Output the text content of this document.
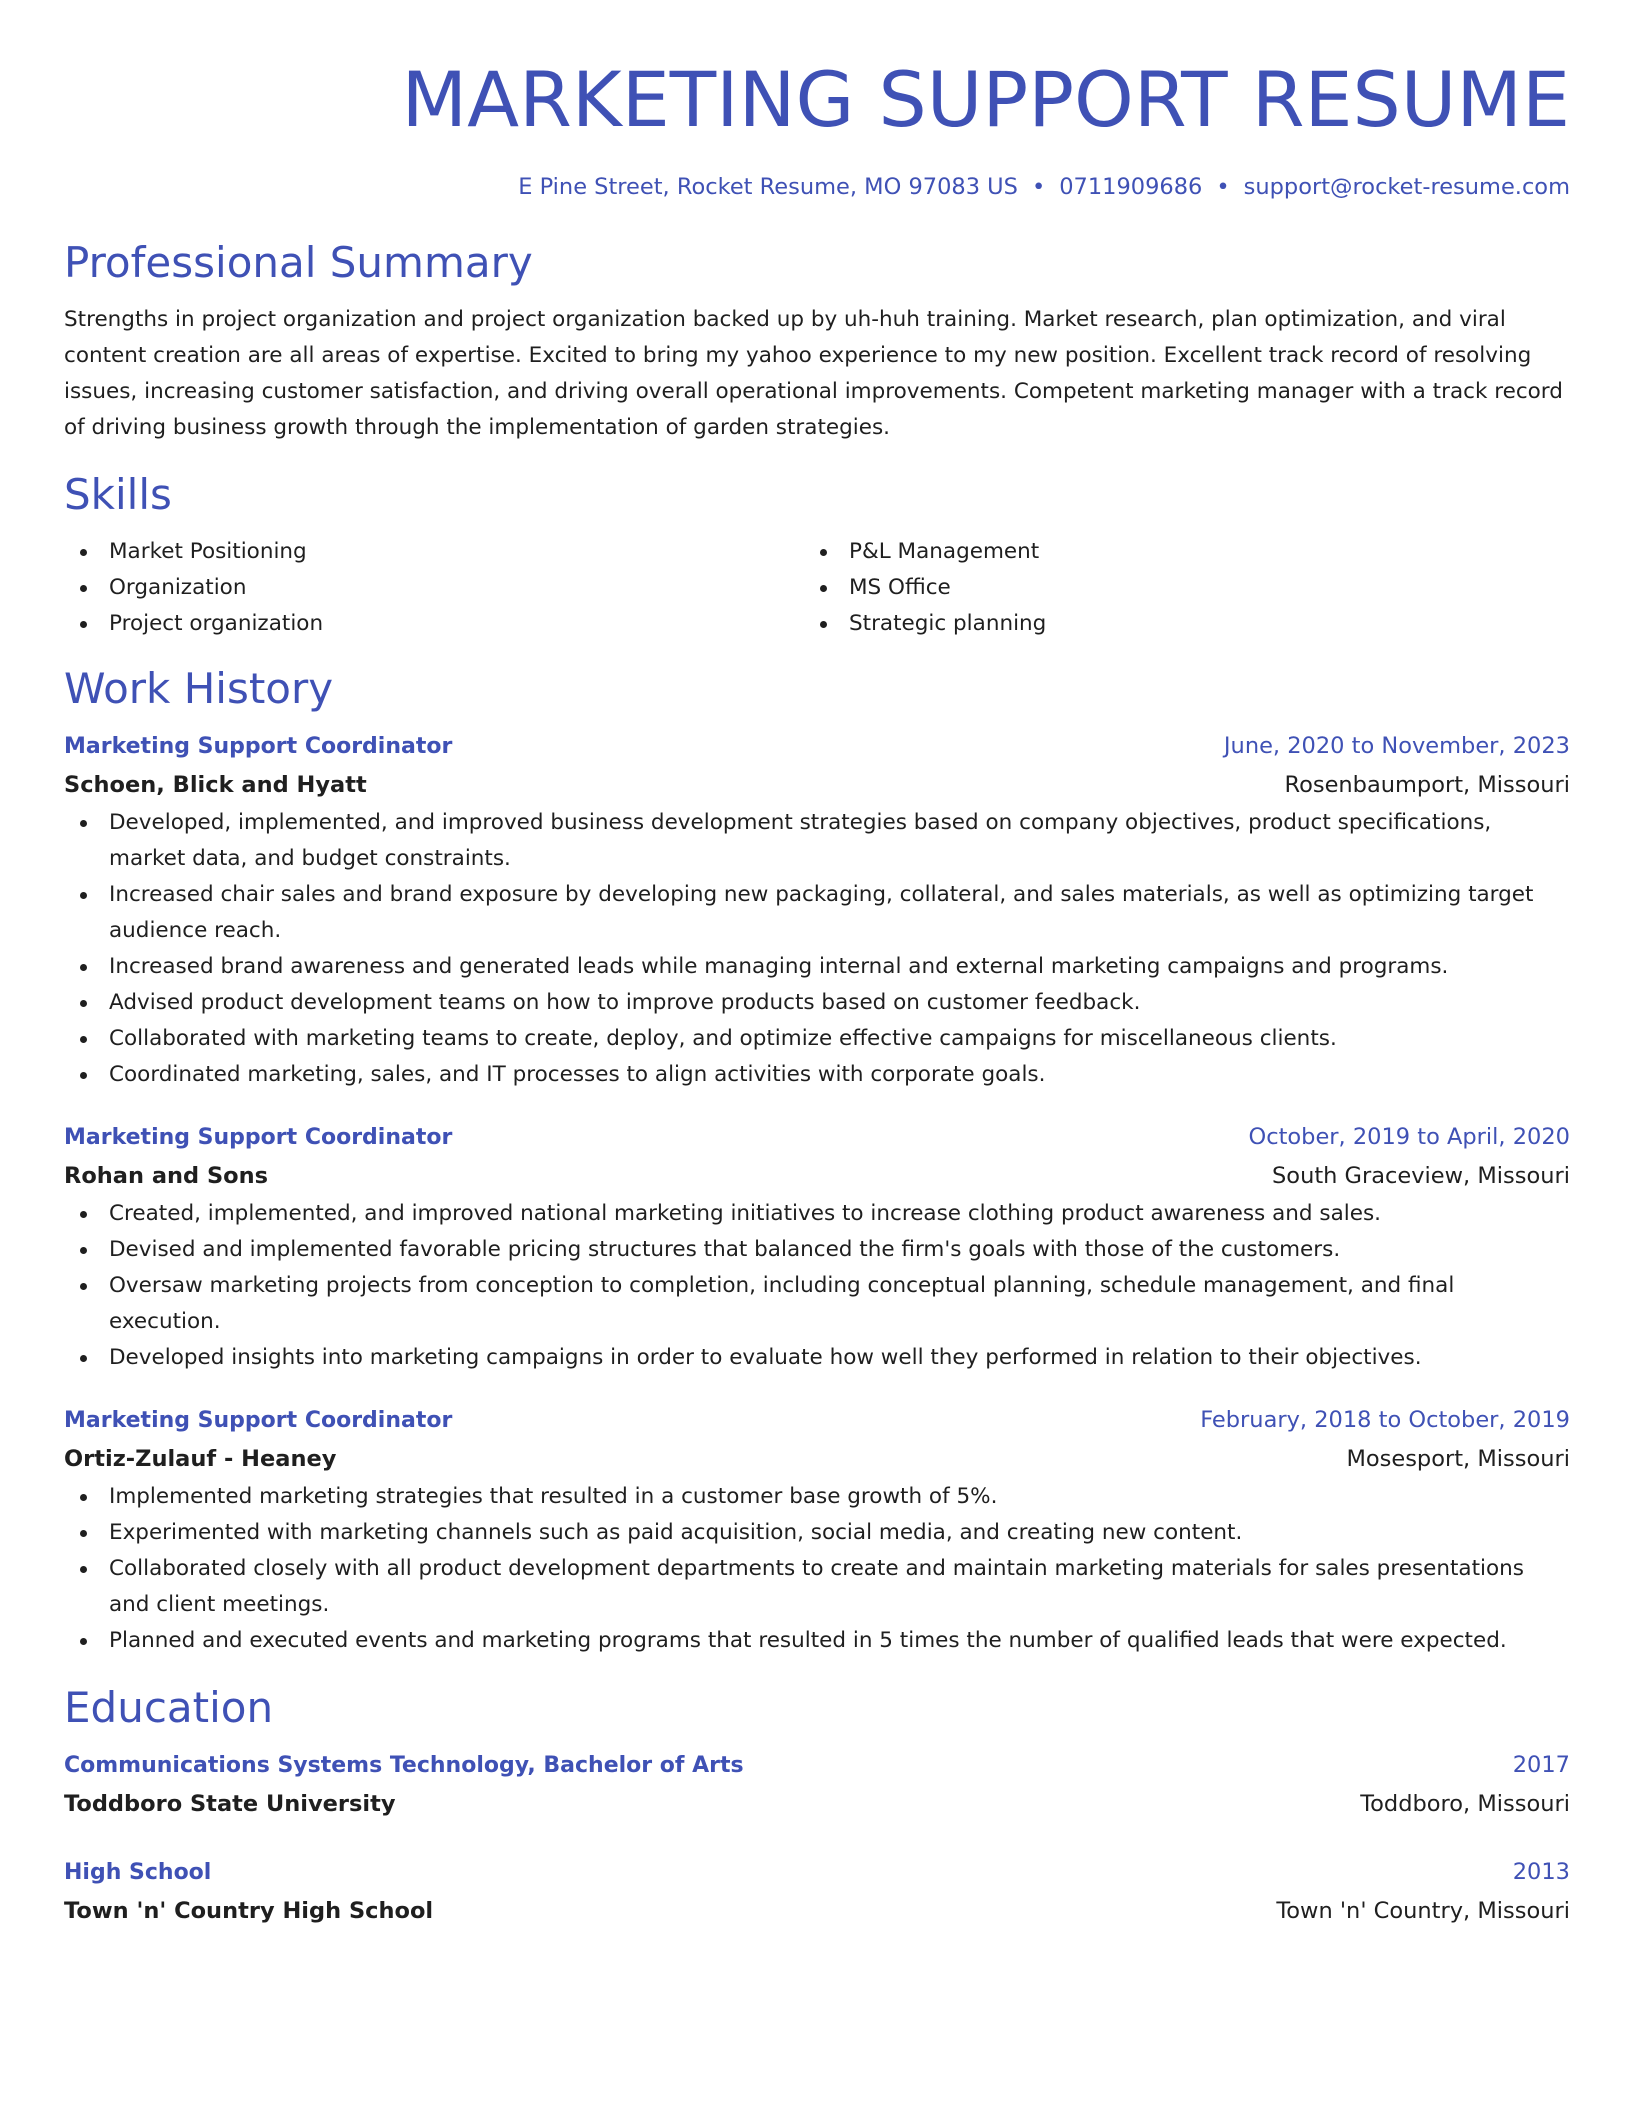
MARKETING SUPPORT RESUME
E Pine Street, Rocket Resume, MO 97083 US • 0711909686 • support@rocket-resume.com
Professional Summary

Strengths in project organization and project organization backed up by uh-huh training. Market research, plan optimization, and viral content creation are all areas of expertise. Excited to bring my yahoo experience to my new position. Excellent track record of resolving issues, increasing customer satisfaction, and driving overall operational improvements. Competent marketing manager with a track record of driving business growth through the implementation of garden strategies.

Skills
Market Positioning
Organization
Project organization
P&L Management
MS Office
Strategic planning
Work History
Marketing Support Coordinator	June, 2020 to November, 2023
Schoen, Blick and Hyatt	Rosenbaumport, Missouri
Developed, implemented, and improved business development strategies based on company objectives, product specifications, market data, and budget constraints.
Increased chair sales and brand exposure by developing new packaging, collateral, and sales materials, as well as optimizing target audience reach.
Increased brand awareness and generated leads while managing internal and external marketing campaigns and programs.
Advised product development teams on how to improve products based on customer feedback.
Collaborated with marketing teams to create, deploy, and optimize effective campaigns for miscellaneous clients.
Coordinated marketing, sales, and IT processes to align activities with corporate goals.
Marketing Support Coordinator	October, 2019 to April, 2020
Rohan and Sons	South Graceview, Missouri
Created, implemented, and improved national marketing initiatives to increase clothing product awareness and sales.
Devised and implemented favorable pricing structures that balanced the firm's goals with those of the customers.
Oversaw marketing projects from conception to completion, including conceptual planning, schedule management, and final execution.
Developed insights into marketing campaigns in order to evaluate how well they performed in relation to their objectives.
Marketing Support Coordinator	February, 2018 to October, 2019
Ortiz-Zulauf - Heaney	Mosesport, Missouri
Implemented marketing strategies that resulted in a customer base growth of 5%.
Experimented with marketing channels such as paid acquisition, social media, and creating new content.
Collaborated closely with all product development departments to create and maintain marketing materials for sales presentations and client meetings.
Planned and executed events and marketing programs that resulted in 5 times the number of qualified leads that were expected.
Education
Communications Systems Technology, Bachelor of Arts	2017
Toddboro State University	Toddboro, Missouri
High School	2013
Town 'n' Country High School	Town 'n' Country, Missouri
